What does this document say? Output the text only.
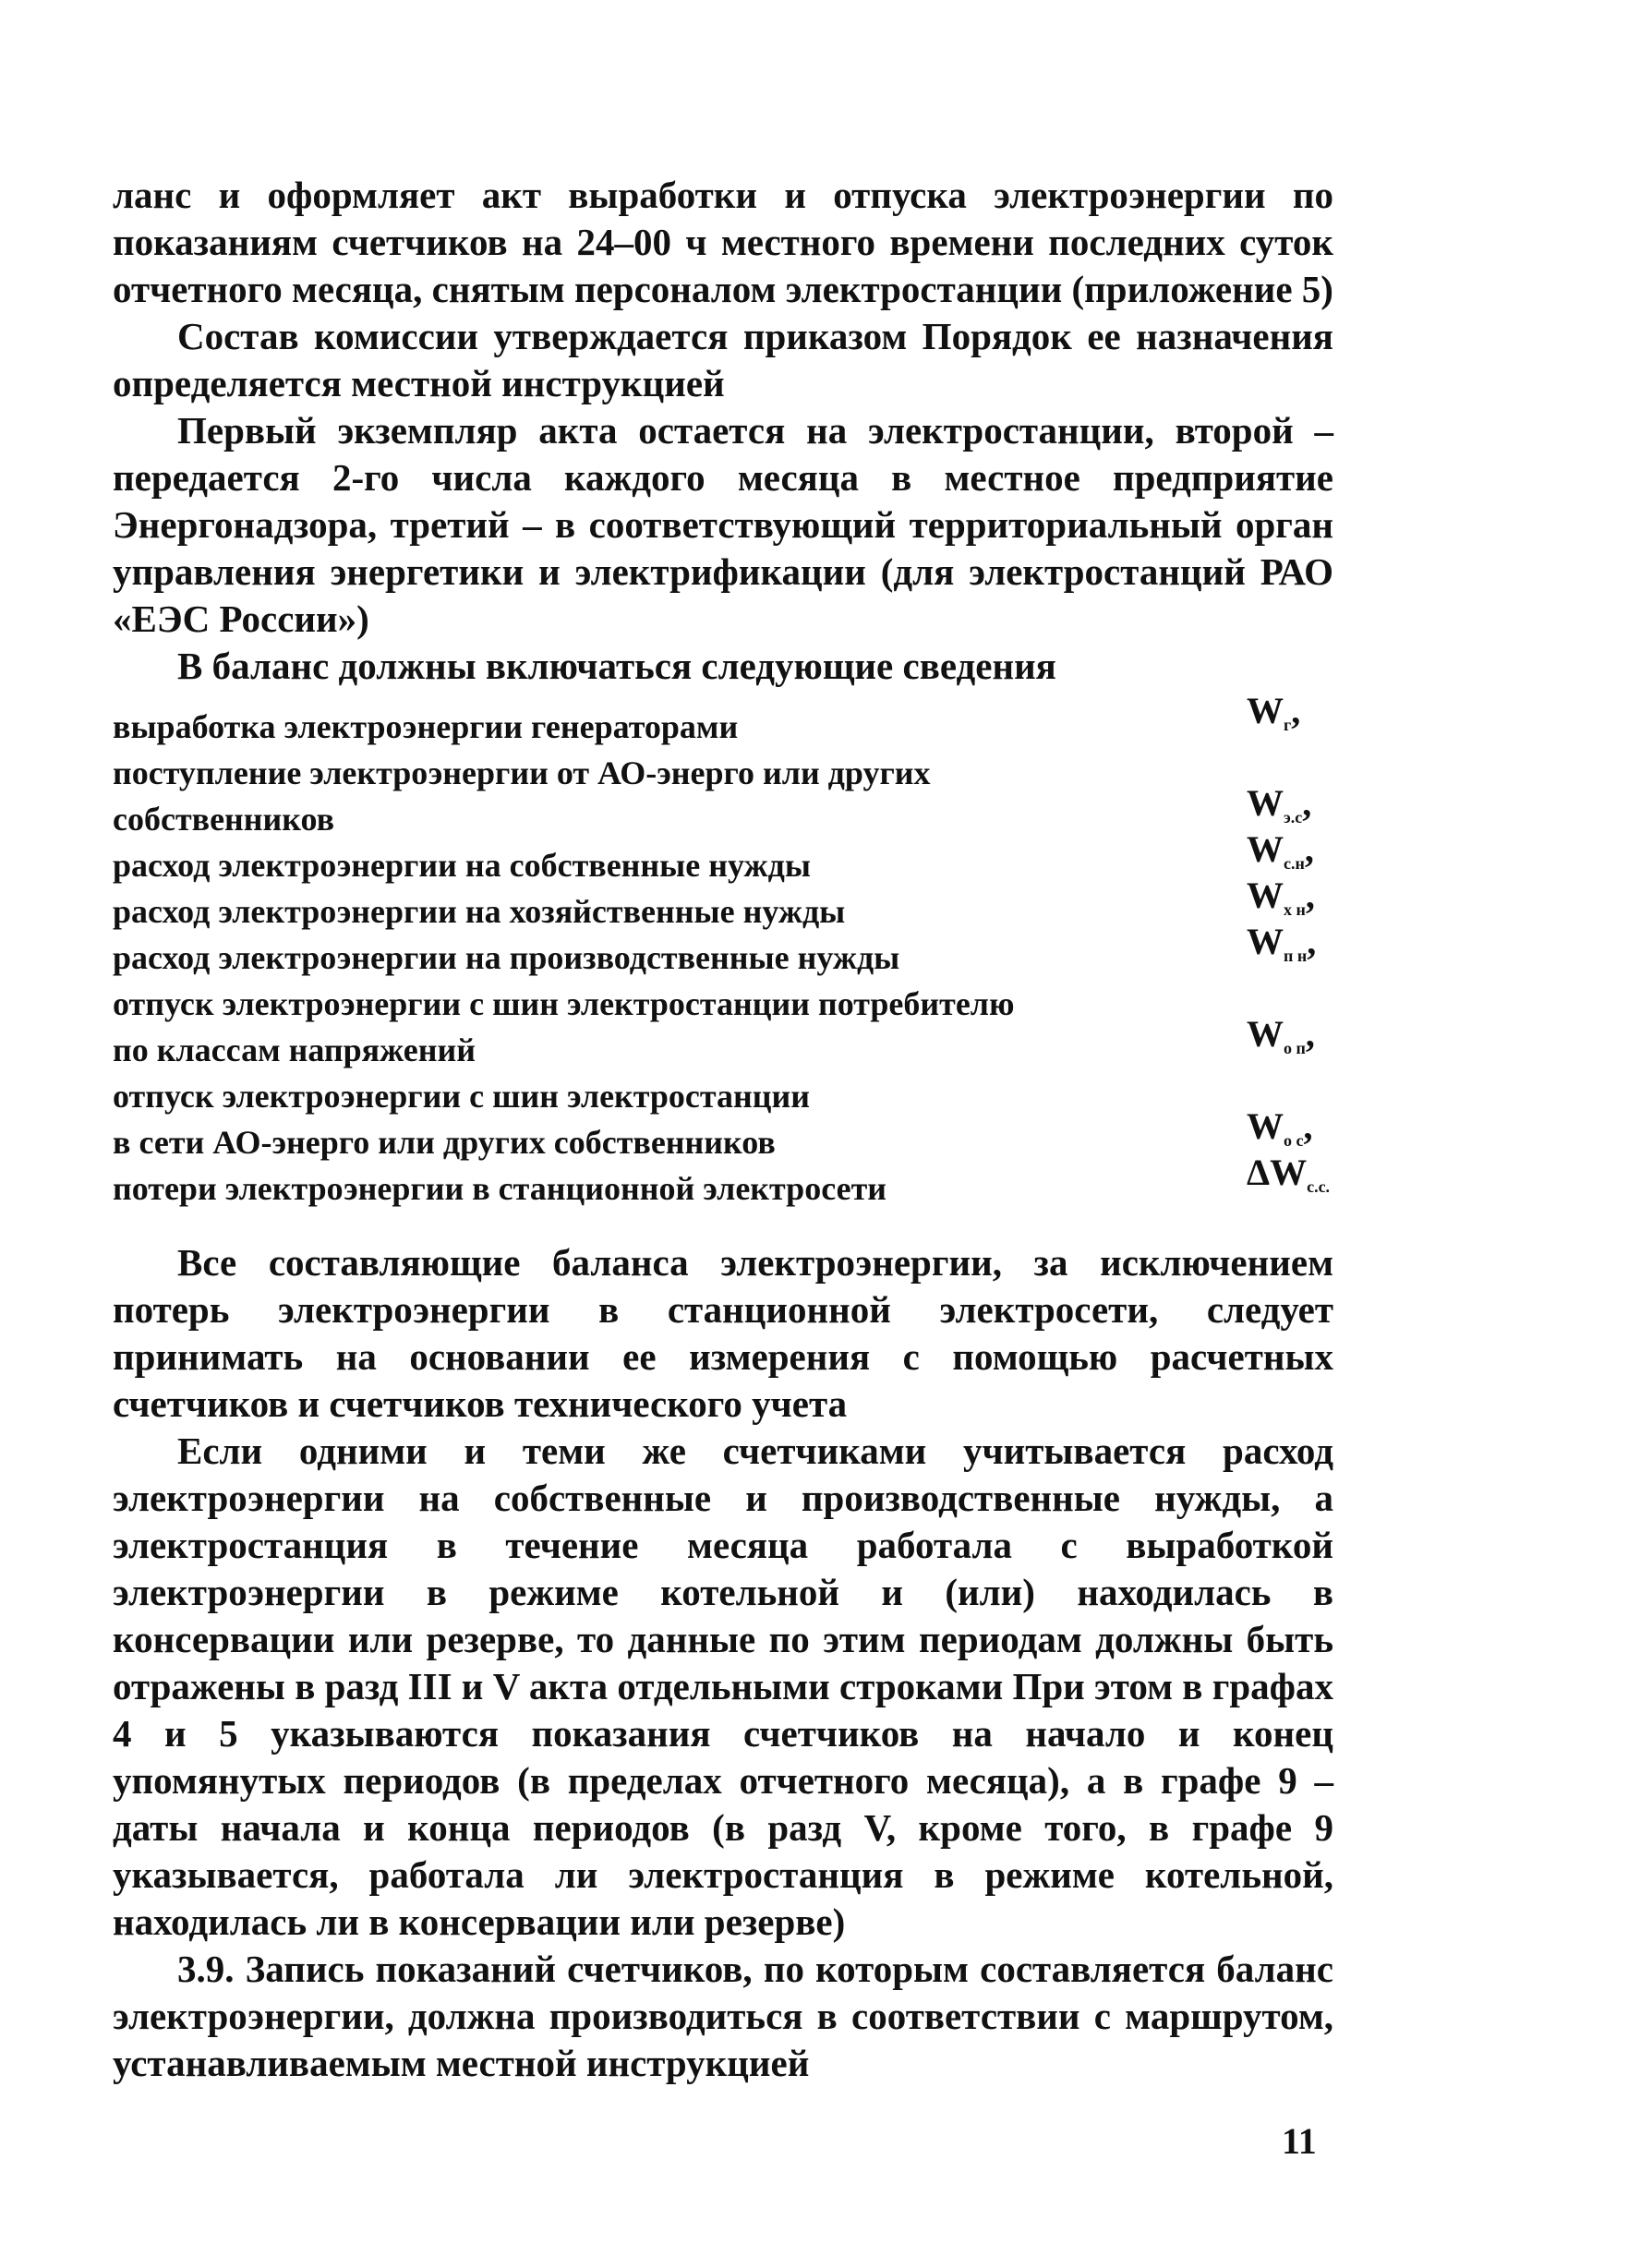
ланс и оформляет акт выработки и отпуска электроэнергии по показаниям счетчиков на 24–00 ч местного времени последних суток отчетного месяца, снятым персоналом электростанции (приложение 5)

Состав комиссии утверждается приказом Порядок ее назначения определяется местной инструкцией

Первый экземпляр акта остается на электростанции, второй – передается 2-го числа каждого месяца в местное предприятие Энергонадзора, третий – в соответствующий территориальный орган управления энергетики и электрификации (для электростанций РАО «ЕЭС России»)

В баланс должны включаться следующие сведения

выработка электроэнергии генераторами	$W_г$,
поступление электроэнергии от АО-энерго или других
собственников	$W_{э.с}$,
расход электроэнергии на собственные нужды	$W_{с.н}$,
расход электроэнергии на хозяйственные нужды	$W_{х н}$,
расход электроэнергии на производственные нужды	$W_{п н}$,
отпуск электроэнергии с шин электростанции потребителю
по классам напряжений	$W_{о п}$,
отпуск электроэнергии с шин электростанции
в сети АО-энерго или других собственников	$W_{о с}$,
потери электроэнергии в станционной электросети	$\Delta W_{с.с.}$

Все составляющие баланса электроэнергии, за исключением потерь электроэнергии в станционной электросети, следует принимать на основании ее измерения с помощью расчетных счетчиков и счетчиков технического учета

Если одними и теми же счетчиками учитывается расход электроэнергии на собственные и производственные нужды, а электростанция в течение месяца работала с выработкой электроэнергии в режиме котельной и (или) находилась в консервации или резерве, то данные по этим периодам должны быть отражены в разд III и V акта отдельными строками При этом в графах 4 и 5 указываются показания счетчиков на начало и конец упомянутых периодов (в пределах отчетного месяца), а в графе 9 – даты начала и конца периодов (в разд V, кроме того, в графе 9 указывается, работала ли электростанция в режиме котельной, находилась ли в консервации или резерве)

3.9. Запись показаний счетчиков, по которым составляется баланс электроэнергии, должна производиться в соответствии с маршрутом, устанавливаемым местной инструкцией

11
